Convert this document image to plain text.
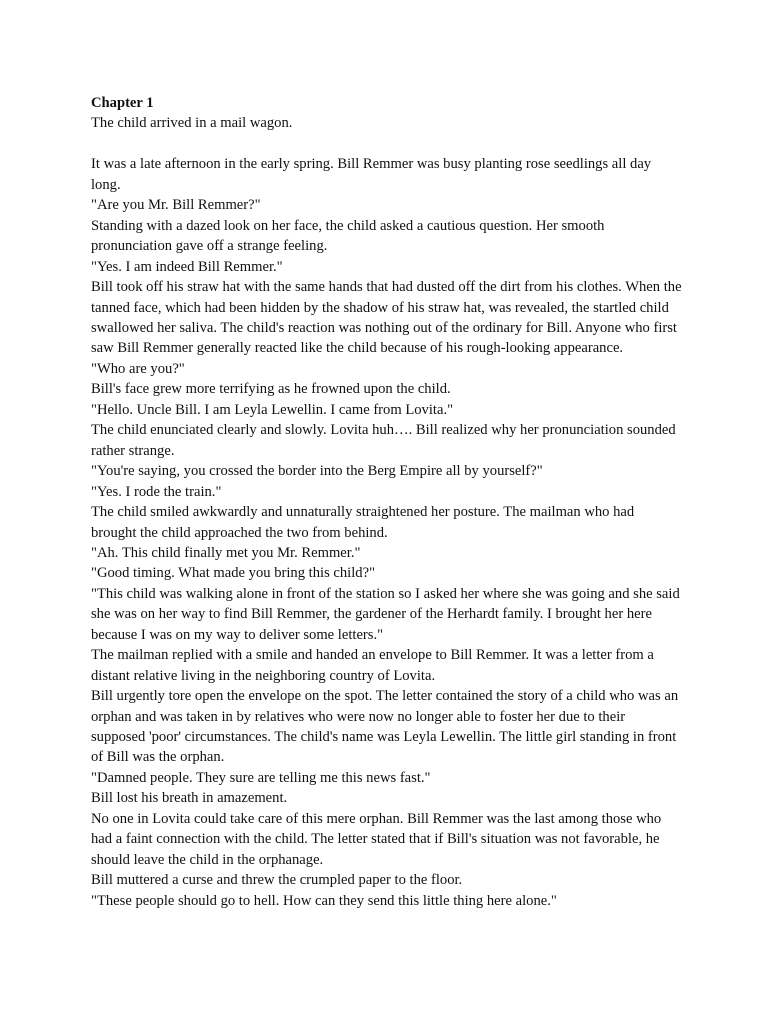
Chapter 1

The child arrived in a mail wagon.

It was a late afternoon in the early spring. Bill Remmer was busy planting rose seedlings all day long.

"Are you Mr. Bill Remmer?"

Standing with a dazed look on her face, the child asked a cautious question. Her smooth pronunciation gave off a strange feeling.

"Yes. I am indeed Bill Remmer."

Bill took off his straw hat with the same hands that had dusted off the dirt from his clothes. When the tanned face, which had been hidden by the shadow of his straw hat, was revealed, the startled child swallowed her saliva. The child's reaction was nothing out of the ordinary for Bill. Anyone who first saw Bill Remmer generally reacted like the child because of his rough-looking appearance.

"Who are you?"

Bill's face grew more terrifying as he frowned upon the child.

"Hello. Uncle Bill. I am Leyla Lewellin. I came from Lovita."

The child enunciated clearly and slowly. Lovita huh…. Bill realized why her pronunciation sounded rather strange.

"You're saying, you crossed the border into the Berg Empire all by yourself?"

"Yes. I rode the train."

The child smiled awkwardly and unnaturally straightened her posture. The mailman who had brought the child approached the two from behind.

"Ah. This child finally met you Mr. Remmer."

"Good timing. What made you bring this child?"

"This child was walking alone in front of the station so I asked her where she was going and she said she was on her way to find Bill Remmer, the gardener of the Herhardt family. I brought her here because I was on my way to deliver some letters."

The mailman replied with a smile and handed an envelope to Bill Remmer. It was a letter from a distant relative living in the neighboring country of Lovita.

Bill urgently tore open the envelope on the spot. The letter contained the story of a child who was an orphan and was taken in by relatives who were now no longer able to foster her due to their supposed 'poor' circumstances. The child's name was Leyla Lewellin. The little girl standing in front of Bill was the orphan.

"Damned people. They sure are telling me this news fast."

Bill lost his breath in amazement.

No one in Lovita could take care of this mere orphan. Bill Remmer was the last among those who had a faint connection with the child. The letter stated that if Bill's situation was not favorable, he should leave the child in the orphanage.

Bill muttered a curse and threw the crumpled paper to the floor.

"These people should go to hell. How can they send this little thing here alone."
